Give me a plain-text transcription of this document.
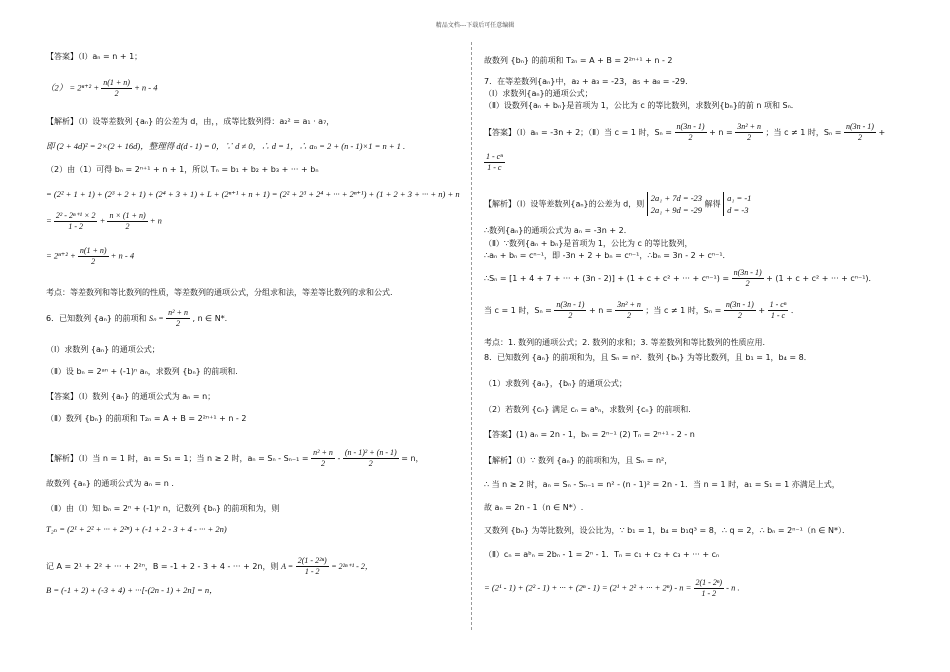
精品文档---下载后可任意编辑
【答案】（Ⅰ）aₙ = n + 1；
$(2) = 2^{n+2} + \frac{n(1 + n)}{2} + n - 4$
【解析】（Ⅰ）设等差数列 {aₙ} 的公差为 d，由，，成等比数列得：a₂² = a₁ · a₇，
即 (2 + 4d)² = 2×(2 + 16d)，整理得 d(d - 1) = 0，∵ d ≠ 0，∴ d = 1，∴ aₙ = 2 + (n - 1)×1 = n + 1 .
（2）由（1）可得 bₙ = 2ⁿ⁺¹ + n + 1，所以 Tₙ = b₁ + b₂ + b₃ + ··· + bₙ
= (2² + 1 + 1) + (2³ + 2 + 1) + (2⁴ + 3 + 1) + L + (2ⁿ⁺¹ + n + 1) = (2² + 2³ + 2⁴ + ··· + 2ⁿ⁺¹) + (1 + 2 + 3 + ··· + n) + n
= $\frac{\text{2² - 2ⁿ⁺¹ × 2}}{1 - 2} + \frac{n \times (1 + n)}{2} + n$
= $2^{n+2} + \frac{n(1 + n)}{2} + n - 4$
考点：等差数列和等比数列的性质，等差数列的通项公式，分组求和法，等差等比数列的求和公式.
6．已知数列 {aₙ} 的前项和 $S_n = \frac{\text{n² + n}}{2}$ , n ∈ N*.
（Ⅰ）求数列 {aₙ} 的通项公式；
（Ⅱ）设 bₙ = 2ᵃⁿ + (-1)ⁿ aₙ，求数列 {bₙ} 的前项和.
【答案】（Ⅰ）数列 {aₙ} 的通项公式为 aₙ = n；
（Ⅱ）数列 {bₙ} 的前项和 T₂ₙ = A + B = 2²ⁿ⁺¹ + n - 2
【解析】（Ⅰ）当 n = 1 时，a₁ = S₁ = 1；当 n ≥ 2 时，$a_n = S_n - S_{n-1} = \frac{\text{n² + n}}{2} - \frac{\text{(n - 1)² + (n - 1)}}{2} = n$，
故数列 {aₙ} 的通项公式为 aₙ = n .
（Ⅱ）由（Ⅰ）知 bₙ = 2ⁿ + (-1)ⁿ n，记数列 {bₙ} 的前项和为，则
T₂ₙ = (2¹ + 2² + ··· + 2²ⁿ) + (-1 + 2 - 3 + 4 - ··· + 2n)
记 A = 2¹ + 2² + ··· + 2²ⁿ，B = -1 + 2 - 3 + 4 - ··· + 2n，则 $A = \frac{\text{2(1 - 2²ⁿ)}}{1 - 2} = 2^{2n+1} - 2$，
B = (-1 + 2) + (-3 + 4) + ···[-(2n - 1) + 2n] = n，
故数列 {bₙ} 的前项和 T₂ₙ = A + B = 2²ⁿ⁺¹ + n - 2
7．在等差数列{aₙ}中，a₂ + a₃ = -23，a₅ + a₈ = -29．
（Ⅰ）求数列{aₙ}的通项公式；
（Ⅱ）设数列{aₙ + bₙ}是首项为 1，公比为 c 的等比数列，求数列{bₙ}的前 n 项和 Sₙ．
【答案】（Ⅰ）aₙ = -3n + 2；（Ⅱ）当 c = 1 时，$S_n = \frac{n(3n - 1)}{2} + n = \frac{\text{3n² + n}}{2}$ ；当 c ≠ 1 时，$S_n = \frac{n(3n - 1)}{2}$ +
$\frac{\text{1 - cⁿ}}{1 - c}$
【解析】（Ⅰ）设等差数列{aₙ}的公差为 d，则
2a₁ + 7d = -23
2a₁ + 9d = -29
解得
a₁ = -1
d = -3
∴数列{aₙ}的通项公式为 aₙ = -3n + 2．
（Ⅱ）∵数列{aₙ + bₙ}是首项为 1，公比为 c 的等比数列，
∴aₙ + bₙ = cⁿ⁻¹，即 -3n + 2 + bₙ = cⁿ⁻¹，∴bₙ = 3n - 2 + cⁿ⁻¹．
∴Sₙ = [1 + 4 + 7 + ··· + (3n - 2)] + (1 + c + c² + ··· + $c^{n-1}) = \frac{n(3n - 1)}{2} + (1 + c + c^2$ + ··· + cⁿ⁻¹)．
当 c = 1 时，$S_n = \frac{n(3n - 1)}{2} + n = \frac{\text{3n² + n}}{2}$ ；当 c ≠ 1 时，$S_n = \frac{n(3n - 1)}{2} + \frac{\text{1 - cⁿ}}{1 - c}$ ．
考点：1. 数列的通项公式；2. 数列的求和；3. 等差数列和等比数列的性质应用.
8．已知数列 {aₙ} 的前项和为，且 Sₙ = n²．数列 {bₙ} 为等比数列，且 b₁ = 1，b₄ = 8．
（1）求数列 {aₙ}，{bₙ} 的通项公式；
（2）若数列 {cₙ} 满足 cₙ = aᵇₙ，求数列 {cₙ} 的前项和.
【答案】(1) aₙ = 2n - 1，bₙ = 2ⁿ⁻¹ (2) Tₙ = 2ⁿ⁺¹ - 2 - n
【解析】（Ⅰ）∵ 数列 {aₙ} 的前项和为，且 Sₙ = n²，
∴ 当 n ≥ 2 时，aₙ = Sₙ - Sₙ₋₁ = n² - (n - 1)² = 2n - 1．当 n = 1 时，a₁ = S₁ = 1 亦满足上式，
故 aₙ = 2n - 1（n ∈ N*）.
又数列 {bₙ} 为等比数列，设公比为，∵ b₁ = 1，b₄ = b₁q³ = 8，∴ q = 2，∴ bₙ = 2ⁿ⁻¹（n ∈ N*）．
（Ⅱ）cₙ = aᵇₙ = 2bₙ - 1 = 2ⁿ - 1．Tₙ = c₁ + c₂ + c₃ + ··· + cₙ
= (2¹ - 1) + (2² - 1) + ··· + (2ⁿ - 1) = (2¹ + 2² + ··· + $2^n) - n = \frac{\text{2(1 - 2ⁿ)}}{1 - 2} - n$ .
